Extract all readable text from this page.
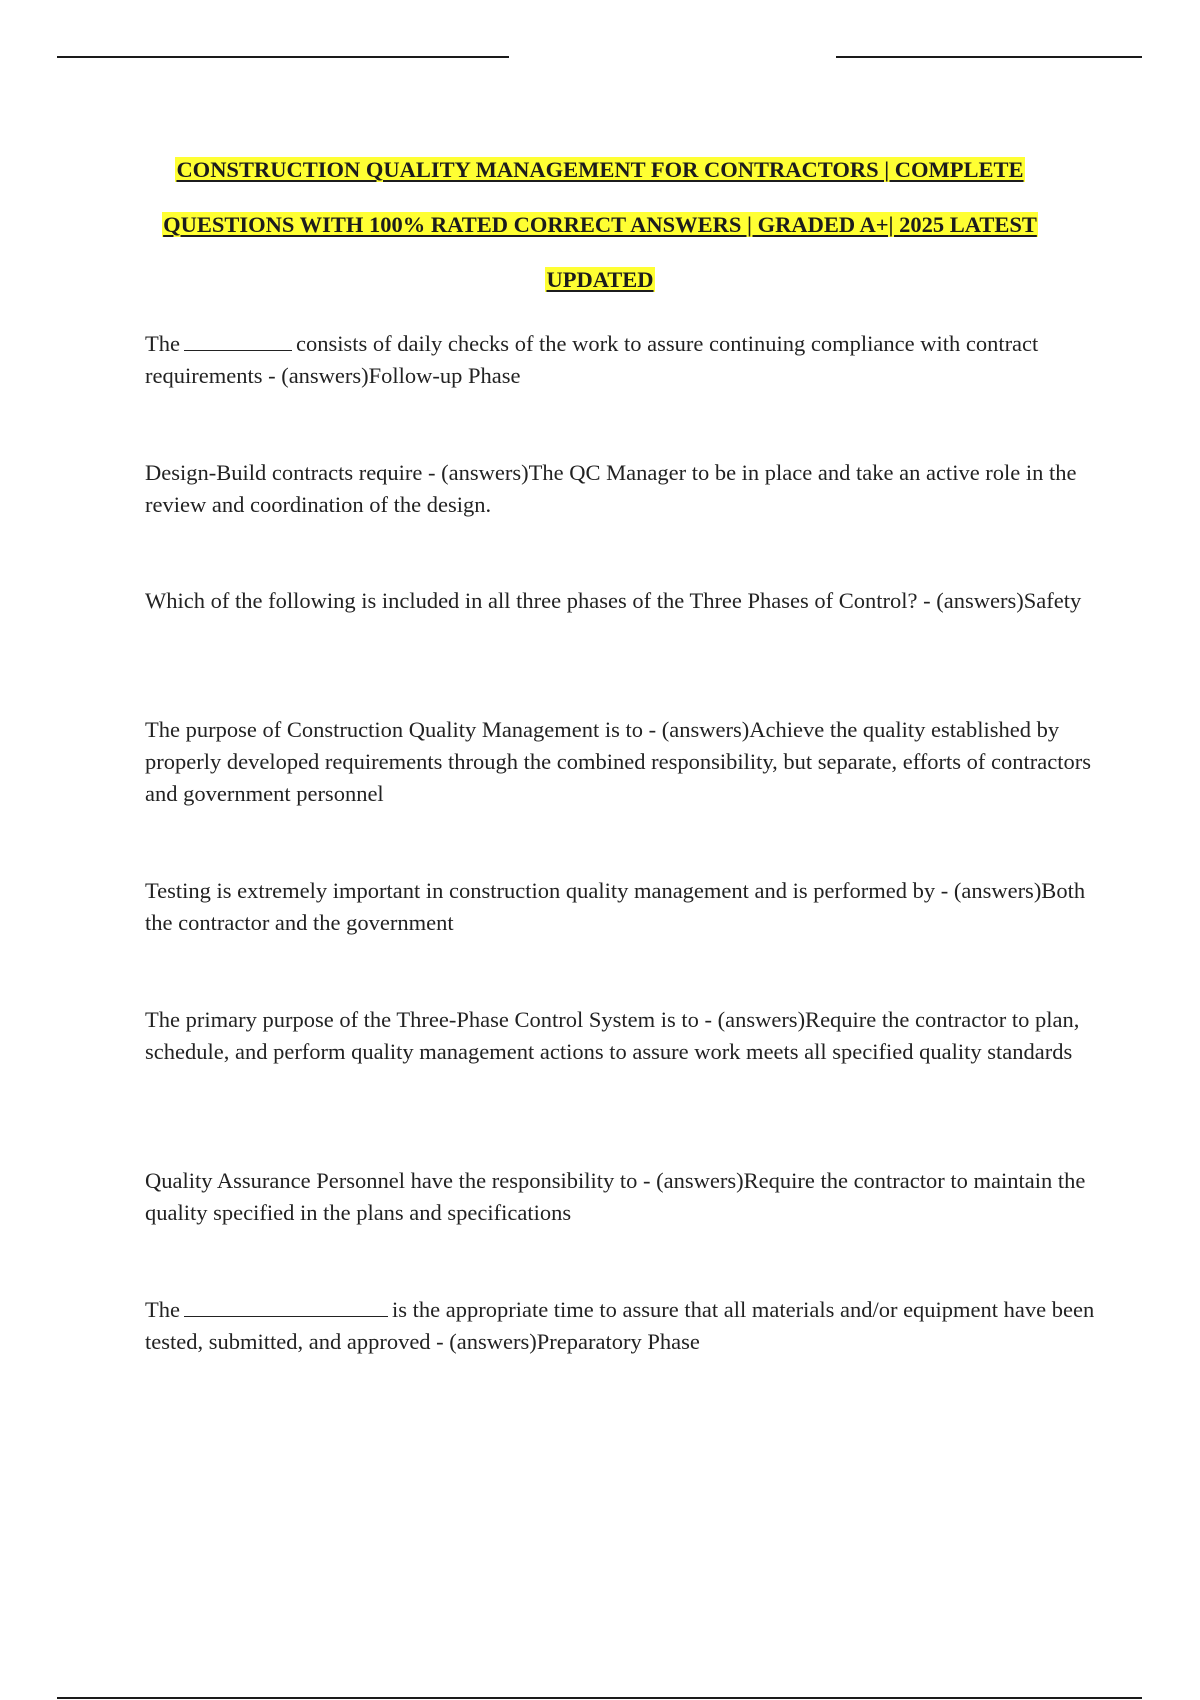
CONSTRUCTION QUALITY MANAGEMENT FOR CONTRACTORS | COMPLETE
QUESTIONS WITH 100% RATED CORRECT ANSWERS | GRADED A+| 2025 LATEST
UPDATED

The	consists of daily checks of the work to assure continuing compliance with contract requirements - (answers)Follow-up Phase

Design-Build contracts require - (answers)The QC Manager to be in place and take an active role in the review and coordination of the design.

Which of the following is included in all three phases of the Three Phases of Control? - (answers)Safety

The purpose of Construction Quality Management is to - (answers)Achieve the quality established by properly developed requirements through the combined responsibility, but separate, efforts of contractors and government personnel

Testing is extremely important in construction quality management and is performed by - (answers)Both the contractor and the government

The primary purpose of the Three-Phase Control System is to - (answers)Require the contractor to plan, schedule, and perform quality management actions to assure work meets all specified quality standards

Quality Assurance Personnel have the responsibility to - (answers)Require the contractor to maintain the quality specified in the plans and specifications

The	is the appropriate time to assure that all materials and/or equipment have been tested, submitted, and approved - (answers)Preparatory Phase
